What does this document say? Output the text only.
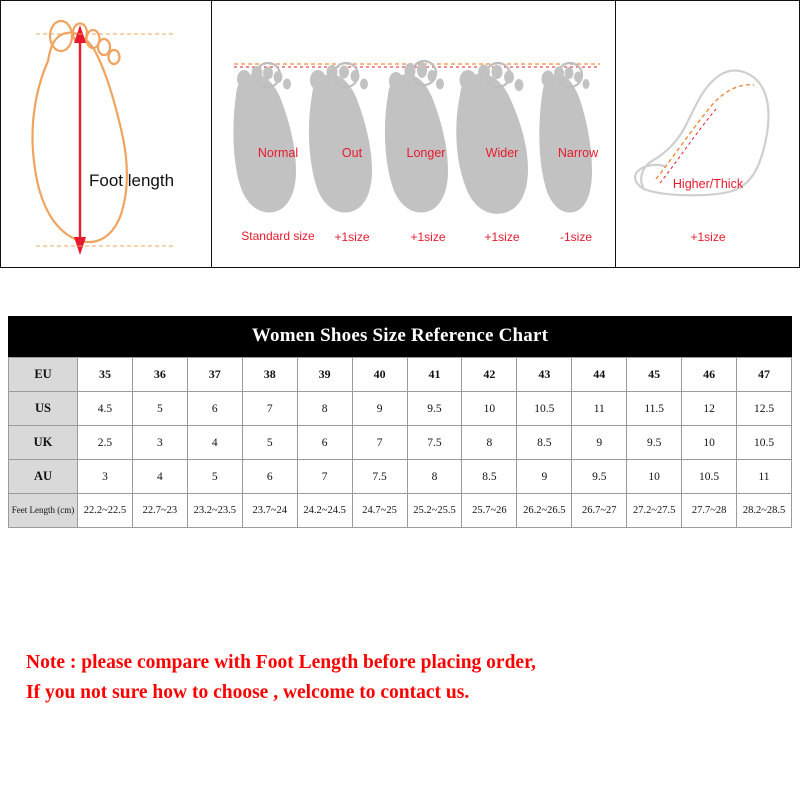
Foot length
Normal	Out	Longer	Wider	Narrow
Standard size	+1size	+1size	+1size	-1size
Higher/Thick
+1size
Women Shoes Size Reference Chart
EU	35	36	37	38	39	40	41	42	43	44	45	46	47
US	4.5	5	6	7	8	9	9.5	10	10.5	11	11.5	12	12.5
UK	2.5	3	4	5	6	7	7.5	8	8.5	9	9.5	10	10.5
AU	3	4	5	6	7	7.5	8	8.5	9	9.5	10	10.5	11
Feet Length (cm)	22.2~22.5	22.7~23	23.2~23.5	23.7~24	24.2~24.5	24.7~25	25.2~25.5	25.7~26	26.2~26.5	26.7~27	27.2~27.5	27.7~28	28.2~28.5
Note : please compare with Foot Length before placing order,
If you not sure how to choose , welcome to contact us.
